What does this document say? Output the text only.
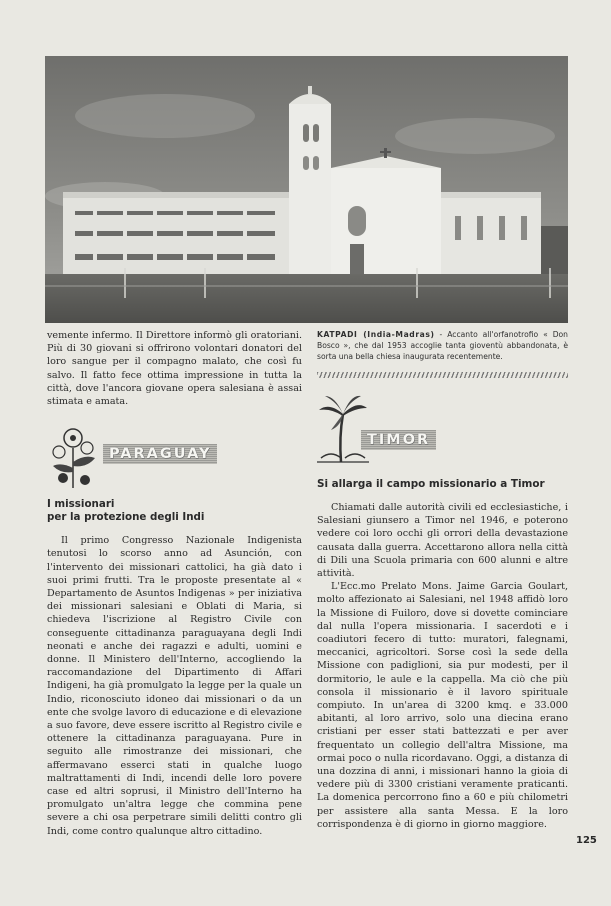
vemente infermo. Il Direttore informò gli oratoriani. Più di 30 giovani si offrirono volontari donatori del loro sangue per il compagno malato, che così fu salvo. Il fatto fece ottima impressione in tutta la città, dove l'ancora giovane opera salesiana è assai stimata e amata.

PARAGUAY
I missionari
per la protezione degli Indi

Il primo Congresso Nazionale Indigenista tenutosi lo scorso anno ad Asunción, con l'intervento dei missionari cattolici, ha già dato i suoi primi frutti. Tra le proposte presentate al « Departamento de Asuntos Indigenas » per iniziativa dei missionari salesiani e Oblati di Maria, si chiedeva l'iscrizione al Registro Civile con conseguente cittadinanza paraguayana degli Indi neonati e anche dei ragazzi e adulti, uomini e donne. Il Ministero dell'Interno, accogliendo la raccomandazione del Dipartimento di Affari Indigeni, ha già promulgato la legge per la quale un Indio, riconosciuto idoneo dai missionari o da un ente che svolge lavoro di educazione e di elevazione a suo favore, deve essere iscritto al Registro civile e ottenere la cittadinanza paraguayana. Pure in seguito alle rimostranze dei missionari, che affermavano esserci stati in qualche luogo maltrattamenti di Indi, incendi delle loro povere case ed altri soprusi, il Ministro dell'Interno ha promulgato un'altra legge che commina pene severe a chi osa perpetrare simili delitti contro gli Indi, come contro qualunque altro cittadino.

KATPADI (India-Madras) - Accanto all'orfanotrofio « Don Bosco », che dal 1953 accoglie tanta gioventù abbandonata, è sorta una bella chiesa inaugurata recentemente.

TIMOR
Si allarga il campo missionario a Timor

Chiamati dalle autorità civili ed ecclesiastiche, i Salesiani giunsero a Timor nel 1946, e poterono vedere coi loro occhi gli orrori della devastazione causata dalla guerra. Accettarono allora nella città di Dili una Scuola primaria con 600 alunni e altre attività.

L'Ecc.mo Prelato Mons. Jaime Garcia Goulart, molto affezionato ai Salesiani, nel 1948 affidò loro la Missione di Fuiloro, dove si dovette cominciare dal nulla l'opera missionaria. I sacerdoti e i coadiutori fecero di tutto: muratori, falegnami, meccanici, agricoltori. Sorse così la sede della Missione con padiglioni, sia pur modesti, per il dormitorio, le aule e la cappella. Ma ciò che più consola il missionario è il lavoro spirituale compiuto. In un'area di 3200 kmq. e 33.000 abitanti, al loro arrivo, solo una diecina erano cristiani per esser stati battezzati e per aver frequentato un collegio dell'altra Missione, ma ormai poco o nulla ricordavano. Oggi, a distanza di una dozzina di anni, i missionari hanno la gioia di vedere più di 3300 cristiani veramente praticanti. La domenica percorrono fino a 60 e più chilometri per assistere alla santa Messa. E la loro corrispondenza è di giorno in giorno maggiore.

125
